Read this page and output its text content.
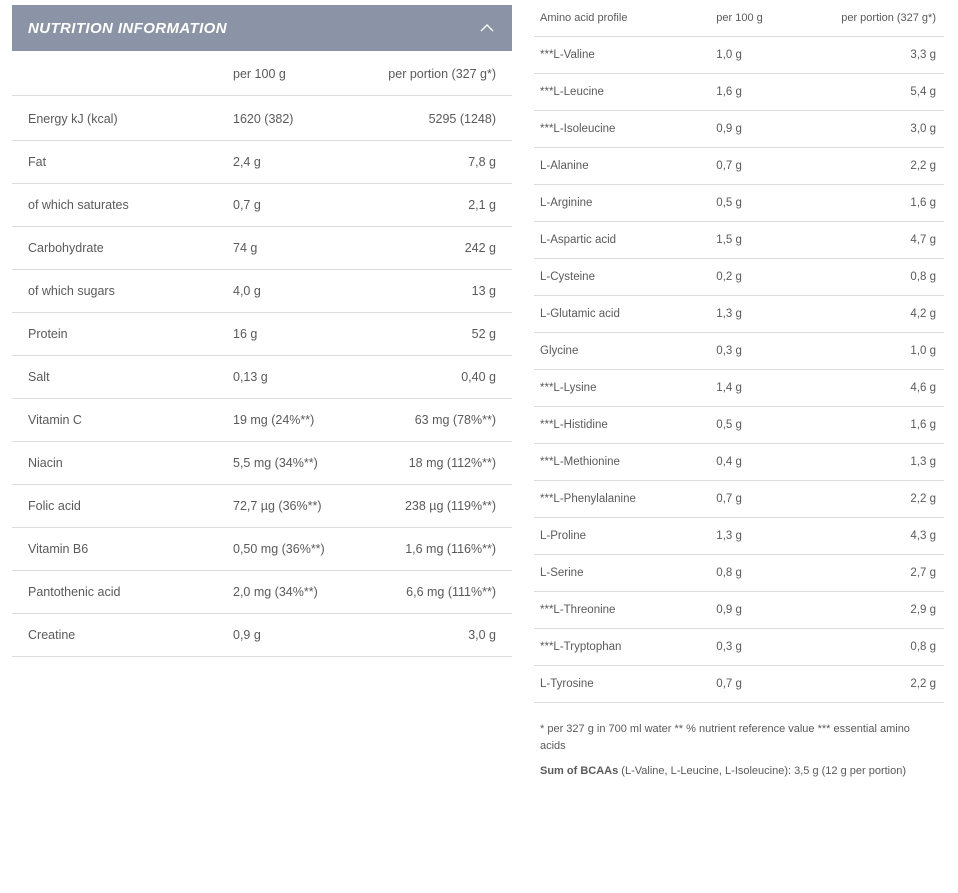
NUTRITION INFORMATION
	per 100 g	per portion (327 g*)
Energy kJ (kcal)	1620 (382)	5295 (1248)
Fat	2,4 g	7,8 g
of which saturates	0,7 g	2,1 g
Carbohydrate	74 g	242 g
of which sugars	4,0 g	13 g
Protein	16 g	52 g
Salt	0,13 g	0,40 g
Vitamin C	19 mg (24%**)	63 mg (78%**)
Niacin	5,5 mg (34%**)	18 mg (112%**)
Folic acid	72,7 µg (36%**)	238 µg (119%**)
Vitamin B6	0,50 mg (36%**)	1,6 mg (116%**)
Pantothenic acid	2,0 mg (34%**)	6,6 mg (111%**)
Creatine	0,9 g	3,0 g
Amino acid profile	per 100 g	per portion (327 g*)
***L-Valine	1,0 g	3,3 g
***L-Leucine	1,6 g	5,4 g
***L-Isoleucine	0,9 g	3,0 g
L-Alanine	0,7 g	2,2 g
L-Arginine	0,5 g	1,6 g
L-Aspartic acid	1,5 g	4,7 g
L-Cysteine	0,2 g	0,8 g
L-Glutamic acid	1,3 g	4,2 g
Glycine	0,3 g	1,0 g
***L-Lysine	1,4 g	4,6 g
***L-Histidine	0,5 g	1,6 g
***L-Methionine	0,4 g	1,3 g
***L-Phenylalanine	0,7 g	2,2 g
L-Proline	1,3 g	4,3 g
L-Serine	0,8 g	2,7 g
***L-Threonine	0,9 g	2,9 g
***L-Tryptophan	0,3 g	0,8 g
L-Tyrosine	0,7 g	2,2 g
* per 327 g in 700 ml water ** % nutrient reference value *** essential amino acids
Sum of BCAAs (L-Valine, L-Leucine, L-Isoleucine): 3,5 g (12 g per portion)
